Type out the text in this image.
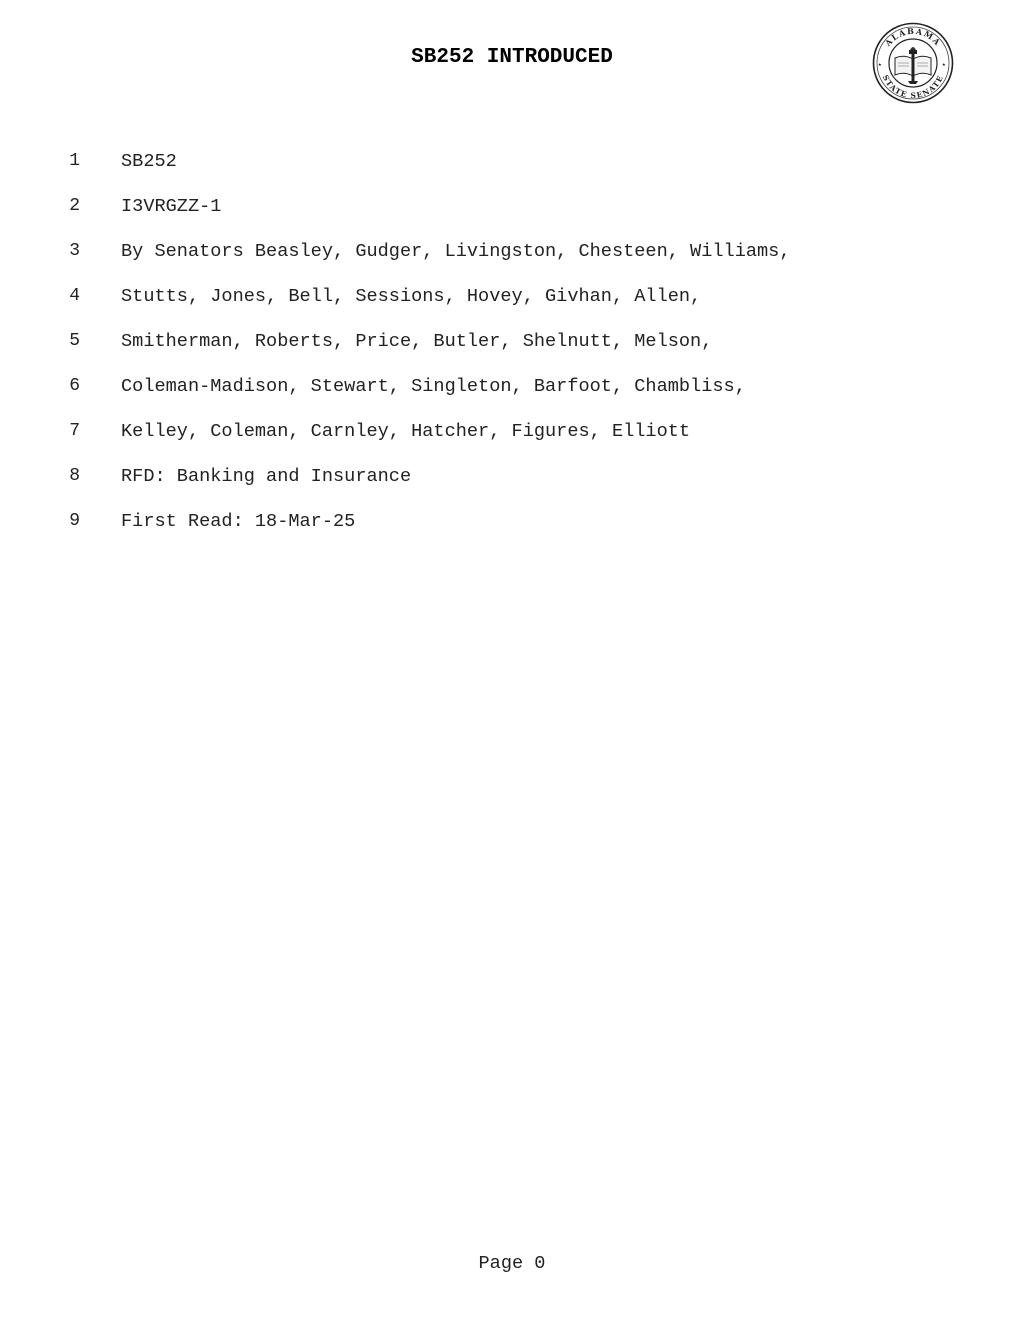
SB252 INTRODUCED
ALABAMA
STATE SENATE
★	★
1 SB252
2 I3VRGZZ-1
3 By Senators Beasley, Gudger, Livingston, Chesteen, Williams,
4 Stutts, Jones, Bell, Sessions, Hovey, Givhan, Allen,
5 Smitherman, Roberts, Price, Butler, Shelnutt, Melson,
6 Coleman-Madison, Stewart, Singleton, Barfoot, Chambliss,
7 Kelley, Coleman, Carnley, Hatcher, Figures, Elliott
8 RFD: Banking and Insurance
9 First Read: 18-Mar-25
Page 0
